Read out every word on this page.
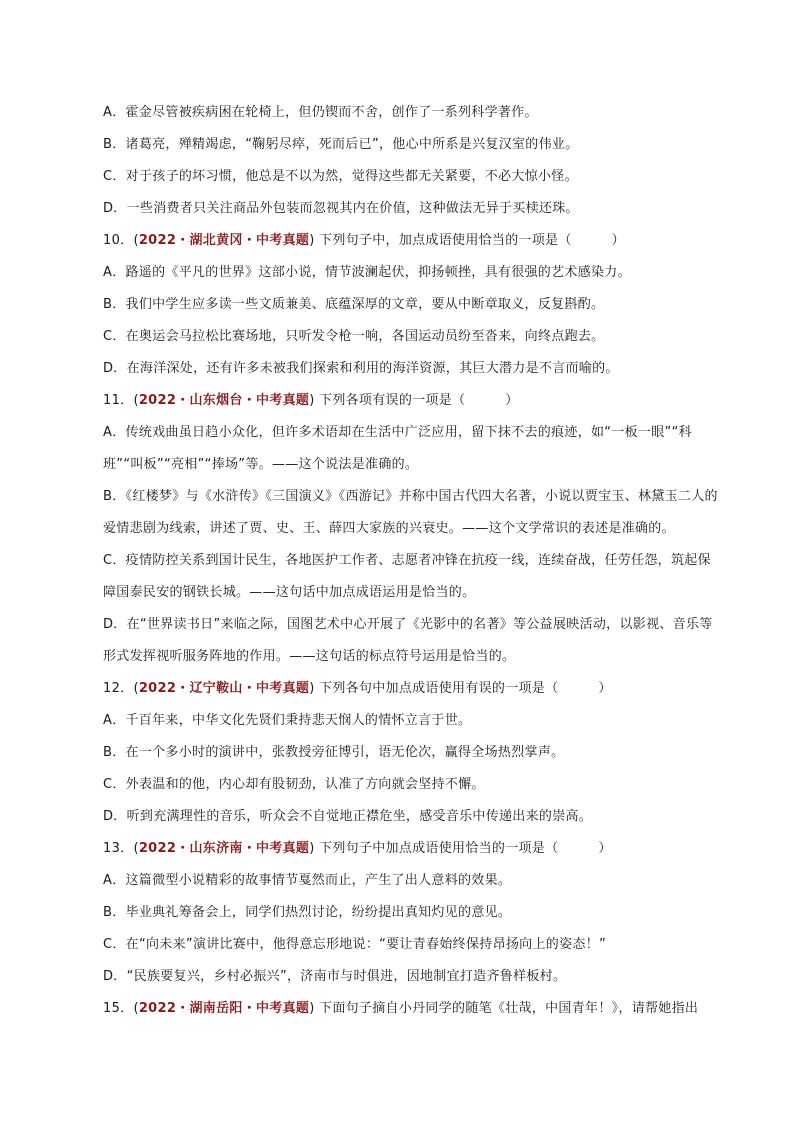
A．霍金尽管被疾病困在轮椅上，但仍锲而不舍，创作了一系列科学著作。
B．诸葛亮，殚精竭虑，“鞠躬尽瘁，死而后已”，他心中所系是兴复汉室的伟业。
C．对于孩子的坏习惯，他总是不以为然，觉得这些都无关紧要，不必大惊小怪。
D．一些消费者只关注商品外包装而忽视其内在价值，这种做法无异于买椟还珠。
10．(2022・湖北黄冈・中考真题) 下列句子中，加点成语使用恰当的一项是（　　　）
A．路遥的《平凡的世界》这部小说，情节波澜起伏，抑扬顿挫，具有很强的艺术感染力。
B．我们中学生应多读一些文质兼美、底蕴深厚的文章，要从中断章取义，反复斟酌。
C．在奥运会马拉松比赛场地，只听发令枪一响，各国运动员纷至沓来，向终点跑去。
D．在海洋深处，还有许多未被我们探索和利用的海洋资源，其巨大潜力是不言而喻的。
11．(2022・山东烟台・中考真题) 下列各项有误的一项是（　　　）
A．传统戏曲虽日趋小众化，但许多术语却在生活中广泛应用，留下抹不去的痕迹，如“一板一眼”“科班”“叫板”“亮相”“捧场”等。——这个说法是准确的。
B．《红楼梦》与《水浒传》《三国演义》《西游记》并称中国古代四大名著，小说以贾宝玉、林黛玉二人的爱情悲剧为线索，讲述了贾、史、王、薛四大家族的兴衰史。——这个文学常识的表述是准确的。
C．疫情防控关系到国计民生，各地医护工作者、志愿者冲锋在抗疫一线，连续奋战，任劳任怨，筑起保障国泰民安的钢铁长城。——这句话中加点成语运用是恰当的。
D．在“世界读书日”来临之际，国图艺术中心开展了《光影中的名著》等公益展映活动，以影视、音乐等形式发挥视听服务阵地的作用。——这句话的标点符号运用是恰当的。
12．(2022・辽宁鞍山・中考真题) 下列各句中加点成语使用有误的一项是（　　　）
A．千百年来，中华文化先贤们秉持悲天悯人的情怀立言于世。
B．在一个多小时的演讲中，张教授旁征博引，语无伦次，赢得全场热烈掌声。
C．外表温和的他，内心却有股韧劲，认准了方向就会坚持不懈。
D．听到充满理性的音乐，听众会不自觉地正襟危坐，感受音乐中传递出来的崇高。
13．(2022・山东济南・中考真题) 下列句子中加点成语使用恰当的一项是（　　　）
A．这篇微型小说精彩的故事情节戛然而止，产生了出人意料的效果。
B．毕业典礼筹备会上，同学们热烈讨论，纷纷提出真知灼见的意见。
C．在“向未来”演讲比赛中，他得意忘形地说：“要让青春始终保持昂扬向上的姿态！”
D．“民族要复兴，乡村必振兴”，济南市与时俱进，因地制宜打造齐鲁样板村。
15．(2022・湖南岳阳・中考真题) 下面句子摘自小丹同学的随笔《壮哉，中国青年！》，请帮她指出
